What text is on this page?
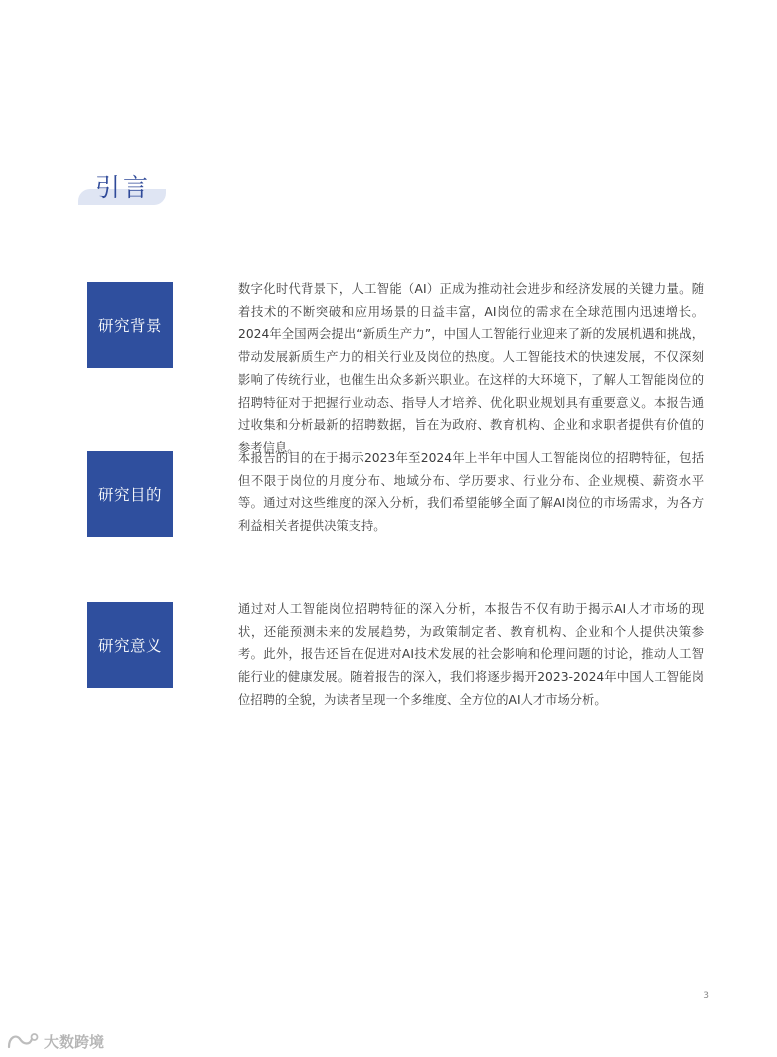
引言
研究背景

数字化时代背景下，人工智能（AI）正成为推动社会进步和经济发展的关键力量。随着技术的不断突破和应用场景的日益丰富，AI岗位的需求在全球范围内迅速增长。2024年全国两会提出“新质生产力”，中国人工智能行业迎来了新的发展机遇和挑战，带动发展新质生产力的相关行业及岗位的热度。人工智能技术的快速发展，不仅深刻影响了传统行业，也催生出众多新兴职业。在这样的大环境下，了解人工智能岗位的招聘特征对于把握行业动态、指导人才培养、优化职业规划具有重要意义。本报告通过收集和分析最新的招聘数据，旨在为政府、教育机构、企业和求职者提供有价值的参考信息。

研究目的

本报告的目的在于揭示2023年至2024年上半年中国人工智能岗位的招聘特征，包括但不限于岗位的月度分布、地域分布、学历要求、行业分布、企业规模、薪资水平等。通过对这些维度的深入分析，我们希望能够全面了解AI岗位的市场需求，为各方利益相关者提供决策支持。

研究意义

通过对人工智能岗位招聘特征的深入分析，本报告不仅有助于揭示AI人才市场的现状，还能预测未来的发展趋势，为政策制定者、教育机构、企业和个人提供决策参考。此外，报告还旨在促进对AI技术发展的社会影响和伦理问题的讨论，推动人工智能行业的健康发展。随着报告的深入，我们将逐步揭开2023-2024年中国人工智能岗位招聘的全貌，为读者呈现一个多维度、全方位的AI人才市场分析。

3
大数跨境
